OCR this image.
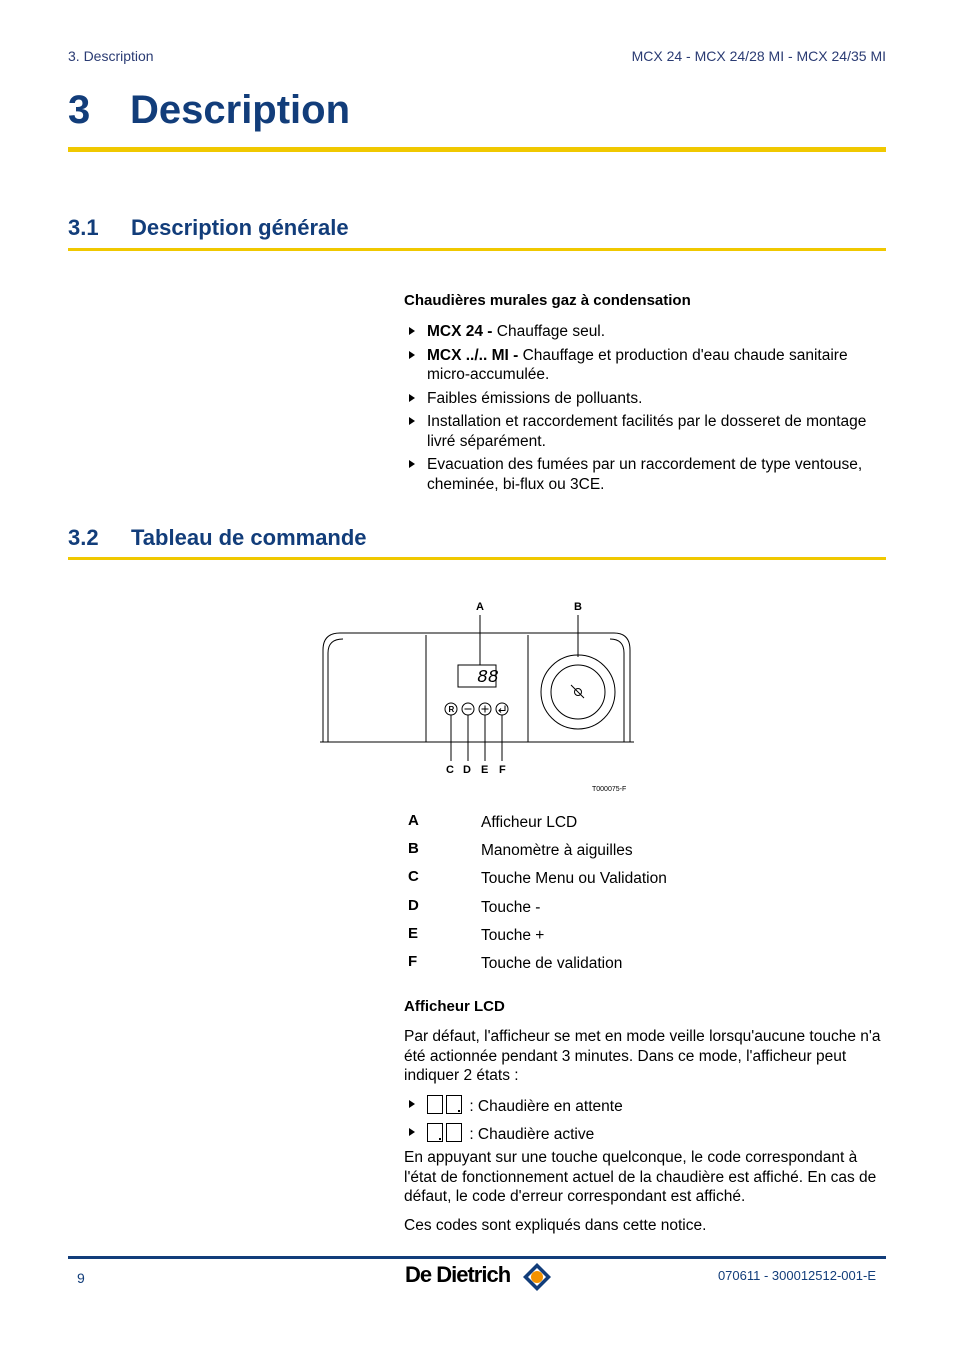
3. Description	MCX 24 - MCX 24/28 MI - MCX 24/35 MI
3 Description
3.1 Description générale
Chaudières murales gaz à condensation
MCX 24 - Chauffage seul.
MCX ../.. MI - Chauffage et production d'eau chaude sanitaire micro-accumulée.
Faibles émissions de polluants.
Installation et raccordement facilités par le dosseret de montage livré séparément.
Evacuation des fumées par un raccordement de type ventouse, cheminée, bi-flux ou 3CE.
3.2 Tableau de commande
88
R
A	B
C D E F
T000075-F
A	Afficheur LCD
B	Manomètre à aiguilles
C	Touche Menu ou Validation
D	Touche -
E	Touche +
F	Touche de validation
Afficheur LCD
Par défaut, l'afficheur se met en mode veille lorsqu'aucune touche n'a été actionnée pendant 3 minutes. Dans ce mode, l'afficheur peut indiquer 2 états :
: Chaudière en attente
: Chaudière active
En appuyant sur une touche quelconque, le code correspondant à l'état de fonctionnement actuel de la chaudière est affiché. En cas de défaut, le code d'erreur correspondant est affiché.
Ces codes sont expliqués dans cette notice.
9	De Dietrich	070611 - 300012512-001-E
